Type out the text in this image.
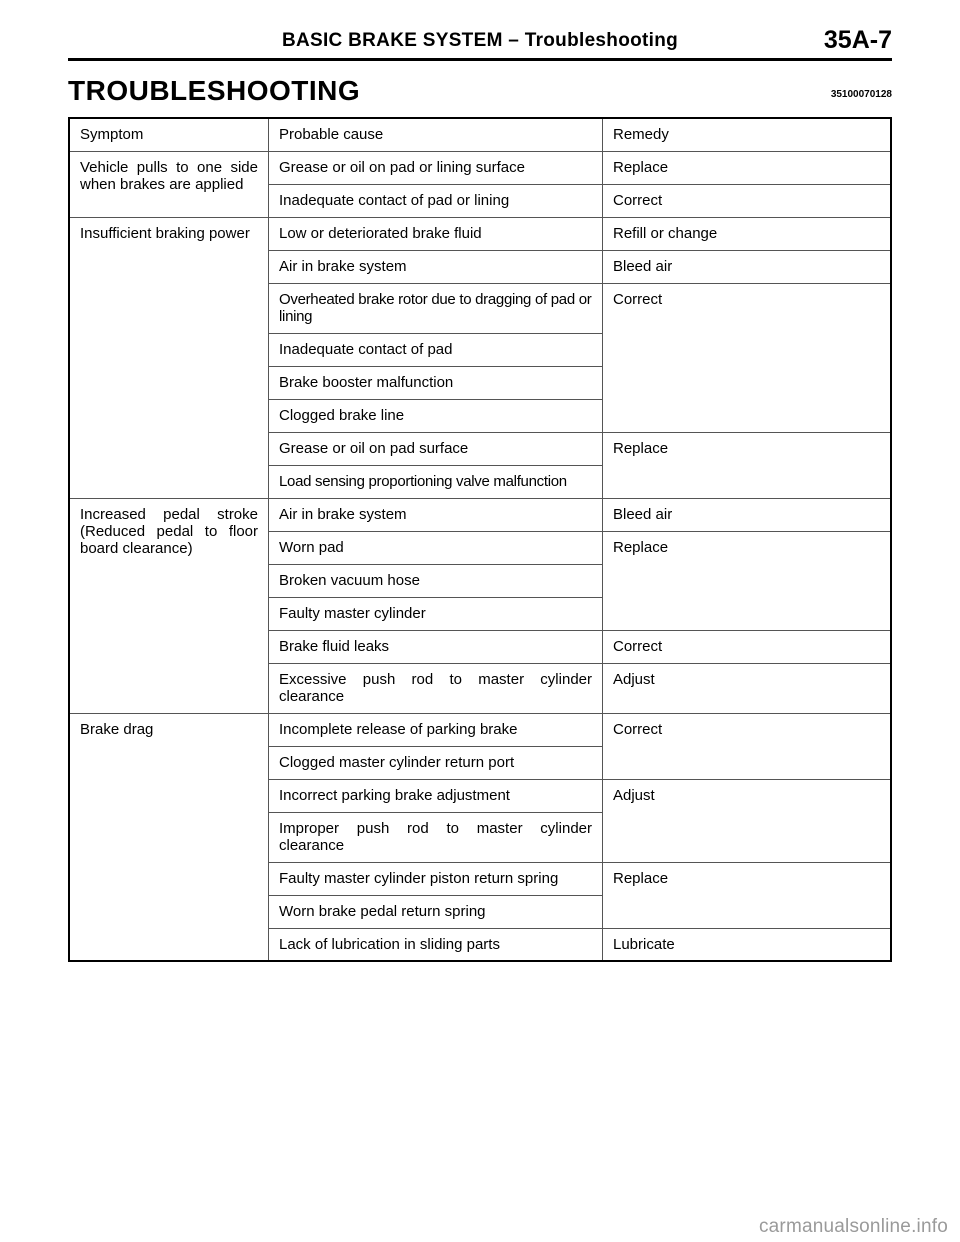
BASIC BRAKE SYSTEM – Troubleshooting	35A-7
TROUBLESHOOTING	35100070128
Symptom	Probable cause	Remedy
Vehicle pulls to one side when brakes are applied	Grease or oil on pad or lining surface	Replace
	Inadequate contact of pad or lining	Correct
Insufficient braking power	Low or deteriorated brake fluid	Refill or change
	Air in brake system	Bleed air
	Overheated brake rotor due to dragging of pad or lining	Correct
	Inadequate contact of pad	
	Brake booster malfunction	
	Clogged brake line	
	Grease or oil on pad surface	Replace
	Load sensing proportioning valve malfunction	
Increased pedal stroke (Reduced pedal to floor board clearance)	Air in brake system	Bleed air
	Worn pad	Replace
	Broken vacuum hose	
	Faulty master cylinder	
	Brake fluid leaks	Correct
	Excessive push rod to master cylinder clearance	Adjust
Brake drag	Incomplete release of parking brake	Correct
	Clogged master cylinder return port	
	Incorrect parking brake adjustment	Adjust
	Improper push rod to master cylinder clearance	
	Faulty master cylinder piston return spring	Replace
	Worn brake pedal return spring	
	Lack of lubrication in sliding parts	Lubricate
carmanualsonline.info
